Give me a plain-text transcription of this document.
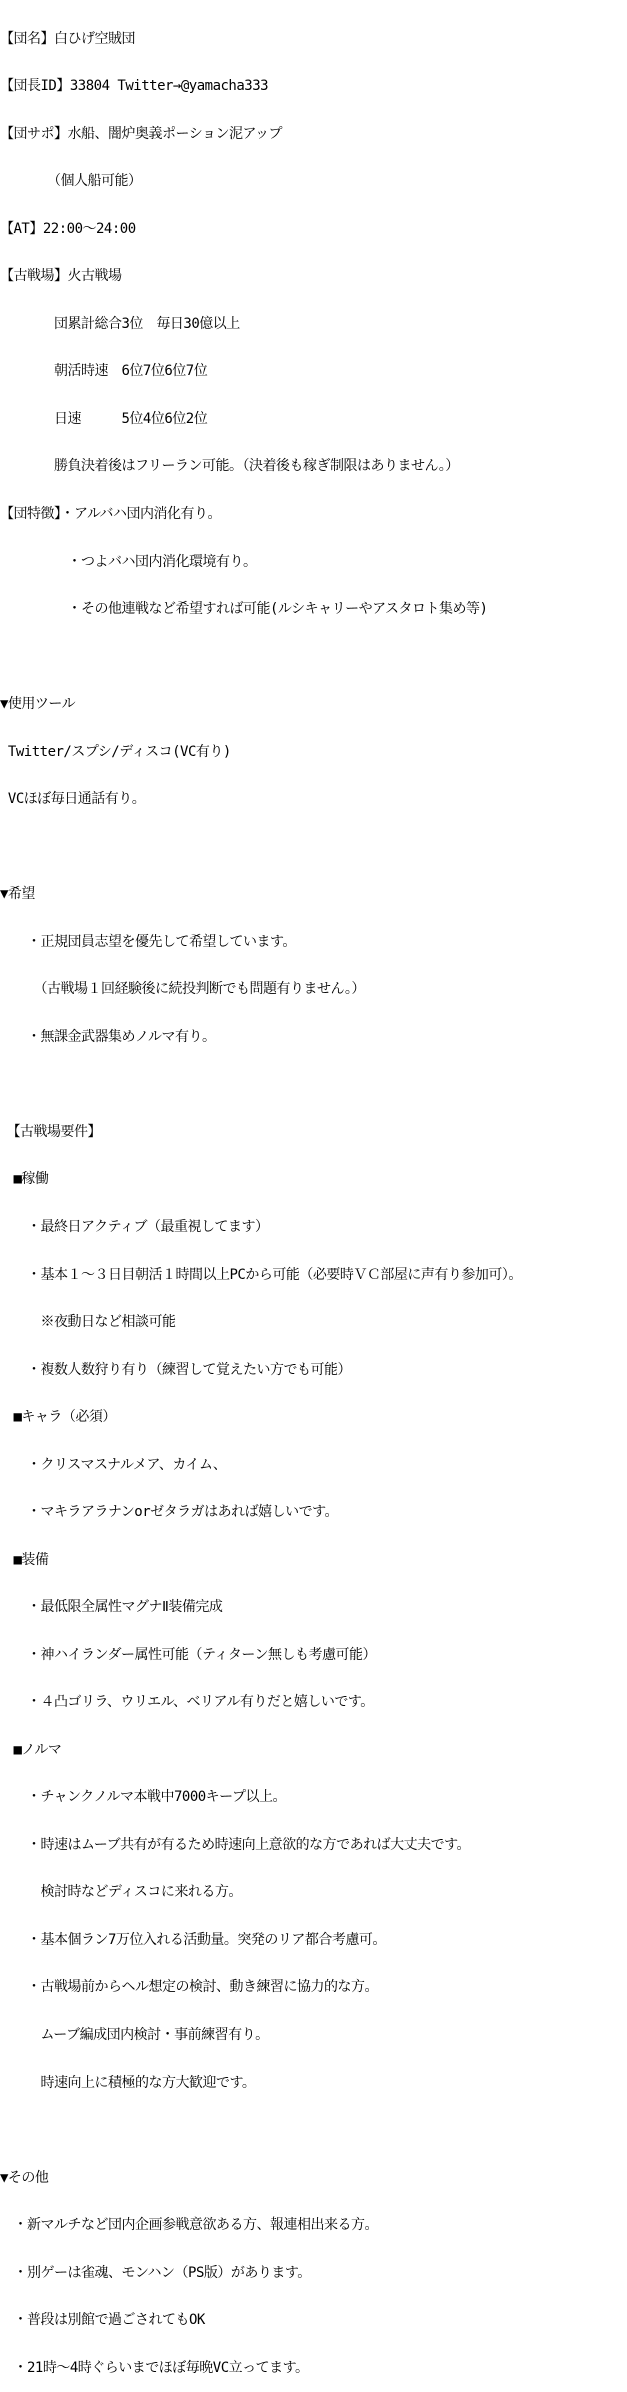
【団名】白ひげ空賊団

【団長ID】33804 Twitter→@yamacha333

【団サポ】水船、闇炉奥義ポーション泥アップ

　　　　（個人船可能）

【AT】22:00～24:00

【古戦場】火古戦場

　　　　団累計総合3位　毎日30億以上

　　　　朝活時速　6位7位6位7位

　　　　日速　　　5位4位6位2位

　　　　勝負決着後はフリーラン可能。（決着後も稼ぎ制限はありません。）

【団特徴】・アルバハ団内消化有り。

　　　　　・つよバハ団内消化環境有り。

　　　　　・その他連戦など希望すれば可能(ルシキャリーやアスタロト集め等)

▼使用ツール

Twitter/スプシ/ディスコ(VC有り)

VCほぼ毎日通話有り。

▼希望

　　・正規団員志望を優先して希望しています。

　　　（古戦場１回経験後に続投判断でも問題有りません。）

　　・無課金武器集めノルマ有り。

　【古戦場要件】

　■稼働

　　・最終日アクティブ（最重視してます）

　　・基本１～３日目朝活１時間以上PCから可能（必要時ＶＣ部屋に声有り参加可）。

　　　※夜動日など相談可能

　　・複数人数狩り有り（練習して覚えたい方でも可能）

　■キャラ（必須）

　　・クリスマスナルメア、カイム、

　　・マキラアラナンorゼタラガはあれば嬉しいです。

　■装備

　　・最低限全属性マグナⅡ装備完成

　　・神ハイランダー属性可能（ティターン無しも考慮可能）

　　・４凸ゴリラ、ウリエル、ベリアル有りだと嬉しいです。

　■ノルマ

　　・チャンクノルマ本戦中7000キープ以上。

　　・時速はムーブ共有が有るため時速向上意欲的な方であれば大丈夫です。

　　　検討時などディスコに来れる方。

　　・基本個ラン7万位入れる活動量。突発のリア都合考慮可。

　　・古戦場前からヘル想定の検討、動き練習に協力的な方。

　　　ムーブ編成団内検討・事前練習有り。

　　　時速向上に積極的な方大歓迎です。

▼その他

　・新マルチなど団内企画参戦意欲ある方、報連相出来る方。

　・別ゲーは雀魂、モンハン（PS版）があります。

　・普段は別館で過ごされてもOK

　・21時～4時ぐらいまでほぼ毎晩VC立ってます。
